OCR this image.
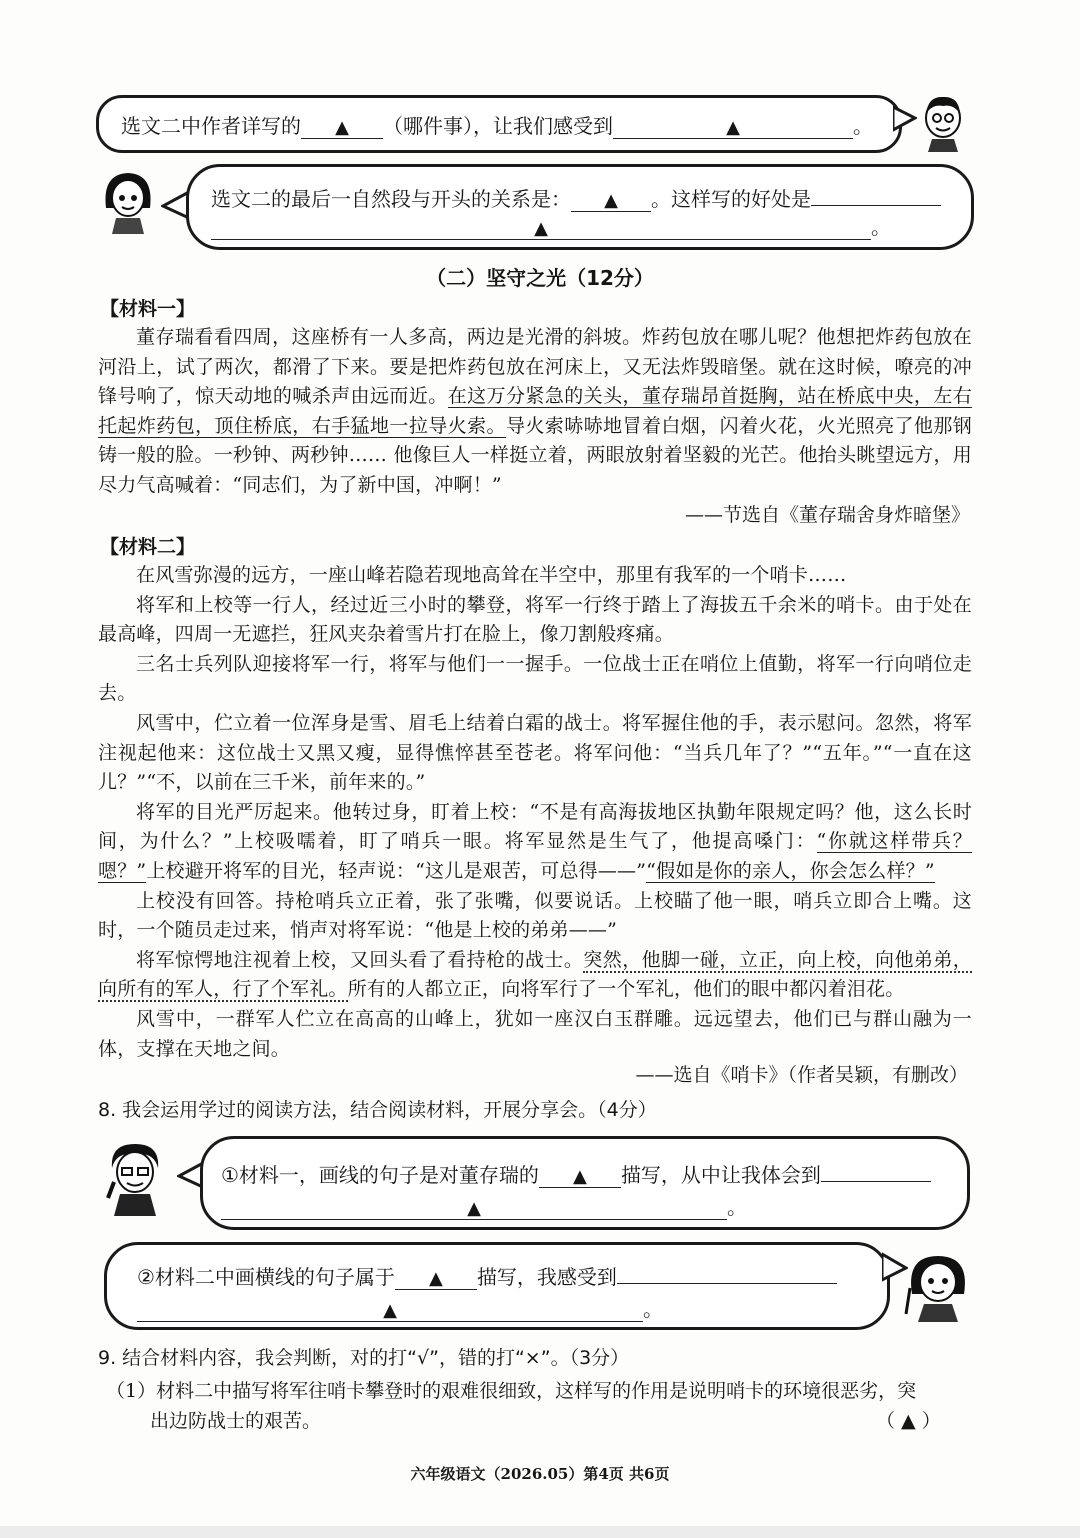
选文二中作者详写的 ▲ （哪件事），让我们感受到	▲	。
选文二的最后一自然段与开头的关系是： ▲ 。这样写的好处是
▲	。
（二）坚守之光（12分）
【材料一】

董存瑞看看四周，这座桥有一人多高，两边是光滑的斜坡。炸药包放在哪儿呢？他想把炸药包放在河沿上，试了两次，都滑了下来。要是把炸药包放在河床上，又无法炸毁暗堡。就在这时候，嘹亮的冲锋号响了，惊天动地的喊杀声由远而近。在这万分紧急的关头，董存瑞昂首挺胸，站在桥底中央，左右托起炸药包，顶住桥底，右手猛地一拉导火索。导火索哧哧地冒着白烟，闪着火花，火光照亮了他那钢铸一般的脸。一秒钟、两秒钟…… 他像巨人一样挺立着，两眼放射着坚毅的光芒。他抬头眺望远方，用尽力气高喊着：“同志们，为了新中国，冲啊！”

——节选自《董存瑞舍身炸暗堡》
【材料二】

在风雪弥漫的远方，一座山峰若隐若现地高耸在半空中，那里有我军的一个哨卡……

将军和上校等一行人，经过近三小时的攀登，将军一行终于踏上了海拔五千余米的哨卡。由于处在最高峰，四周一无遮拦，狂风夹杂着雪片打在脸上，像刀割般疼痛。

三名士兵列队迎接将军一行，将军与他们一一握手。一位战士正在哨位上值勤，将军一行向哨位走去。

风雪中，伫立着一位浑身是雪、眉毛上结着白霜的战士。将军握住他的手，表示慰问。忽然，将军注视起他来：这位战士又黑又瘦，显得憔悴甚至苍老。将军问他：“当兵几年了？”“五年。”“一直在这儿？”“不，以前在三千米，前年来的。”

将军的目光严厉起来。他转过身，盯着上校：“不是有高海拔地区执勤年限规定吗？他，这么长时间，为什么？”上校吸嚅着，盯了哨兵一眼。将军显然是生气了，他提高嗓门：“你就这样带兵？嗯？”上校避开将军的目光，轻声说：“这儿是艰苦，可总得——”“假如是你的亲人，你会怎么样？”

上校没有回答。持枪哨兵立正着，张了张嘴，似要说话。上校瞄了他一眼，哨兵立即合上嘴。这时，一个随员走过来，悄声对将军说：“他是上校的弟弟——”

将军惊愕地注视着上校，又回头看了看持枪的战士。突然，他脚一碰，立正，向上校，向他弟弟，向所有的军人，行了个军礼。所有的人都立正，向将军行了一个军礼，他们的眼中都闪着泪花。

风雪中，一群军人伫立在高高的山峰上，犹如一座汉白玉群雕。远远望去，他们已与群山融为一体，支撑在天地之间。

——选自《哨卡》（作者吴颖，有删改）
8. 我会运用学过的阅读方法，结合阅读材料，开展分享会。（4分）
①材料一，画线的句子是对董存瑞的 ▲ 描写，从中让我体会到
▲	。
②材料二中画横线的句子属于 ▲ 描写，我感受到
▲	。
9. 结合材料内容，我会判断，对的打“√”，错的打“×”。（3分）
（1）材料二中描写将军往哨卡攀登时的艰难很细致，这样写的作用是说明哨卡的环境很恶劣，突
出边防战士的艰苦。	（ ▲ ）
六年级语文（2026.05）第4页 共6页
